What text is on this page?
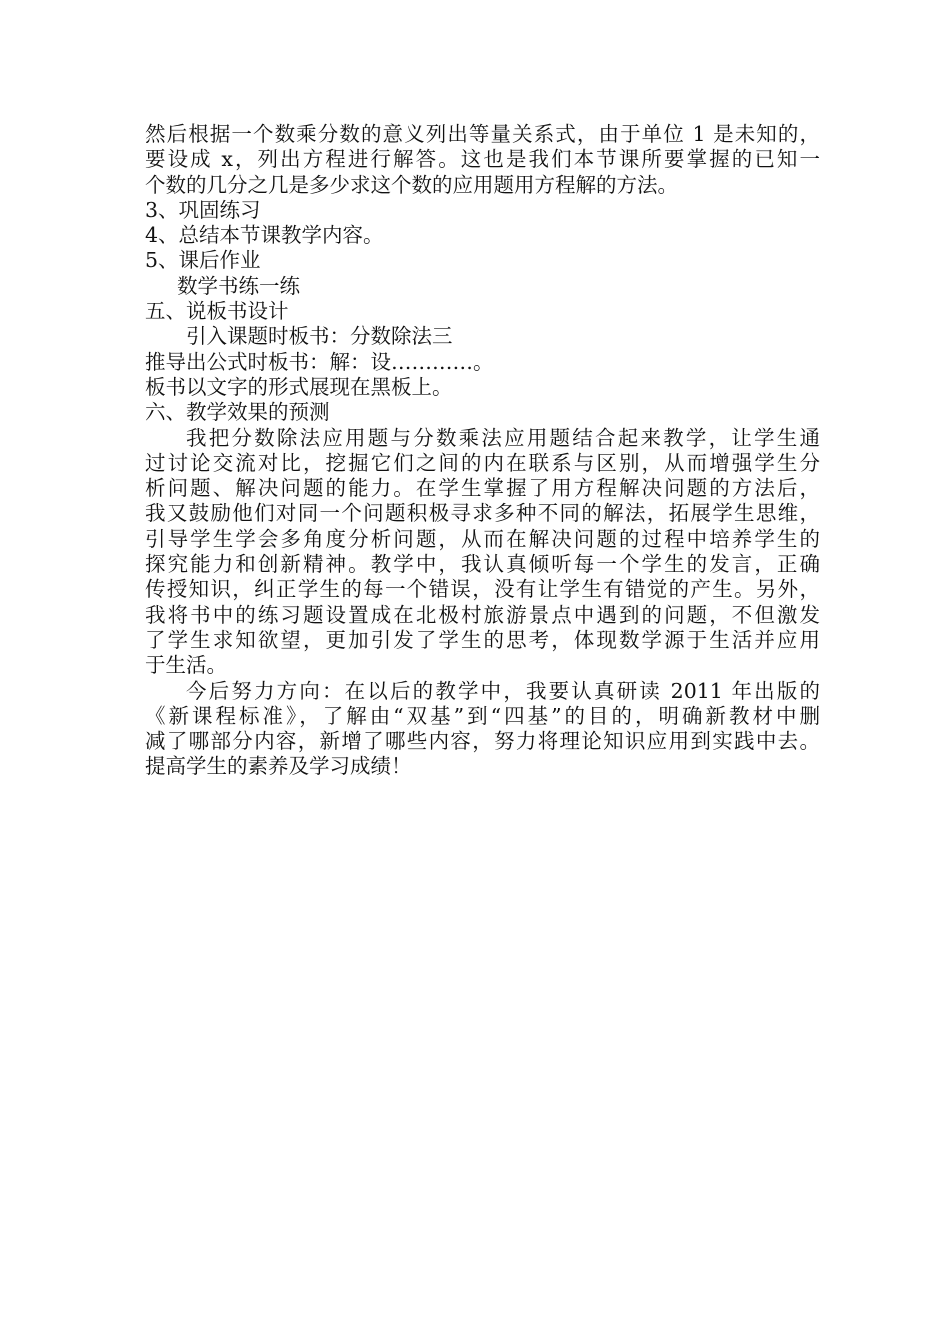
然后根据一个数乘分数的意义列出等量关系式，由于单位 1 是未知的，
要设成 x，列出方程进行解答。这也是我们本节课所要掌握的已知一
个数的几分之几是多少求这个数的应用题用方程解的方法。
3、巩固练习
4、总结本节课教学内容。
5、课后作业
数学书练一练
五、说板书设计
引入课题时板书：分数除法三
推导出公式时板书：解：设…………。
板书以文字的形式展现在黑板上。
六、教学效果的预测
我把分数除法应用题与分数乘法应用题结合起来教学，让学生通
过讨论交流对比，挖掘它们之间的内在联系与区别，从而增强学生分
析问题、解决问题的能力。在学生掌握了用方程解决问题的方法后，
我又鼓励他们对同一个问题积极寻求多种不同的解法，拓展学生思维，
引导学生学会多角度分析问题，从而在解决问题的过程中培养学生的
探究能力和创新精神。教学中，我认真倾听每一个学生的发言，正确
传授知识，纠正学生的每一个错误，没有让学生有错觉的产生。另外，
我将书中的练习题设置成在北极村旅游景点中遇到的问题，不但激发
了学生求知欲望，更加引发了学生的思考，体现数学源于生活并应用
于生活。
今后努力方向：在以后的教学中，我要认真研读 2011 年出版的
《新课程标准》，了解由“双基”到“四基”的目的，明确新教材中删
减了哪部分内容，新增了哪些内容，努力将理论知识应用到实践中去。
提高学生的素养及学习成绩！
